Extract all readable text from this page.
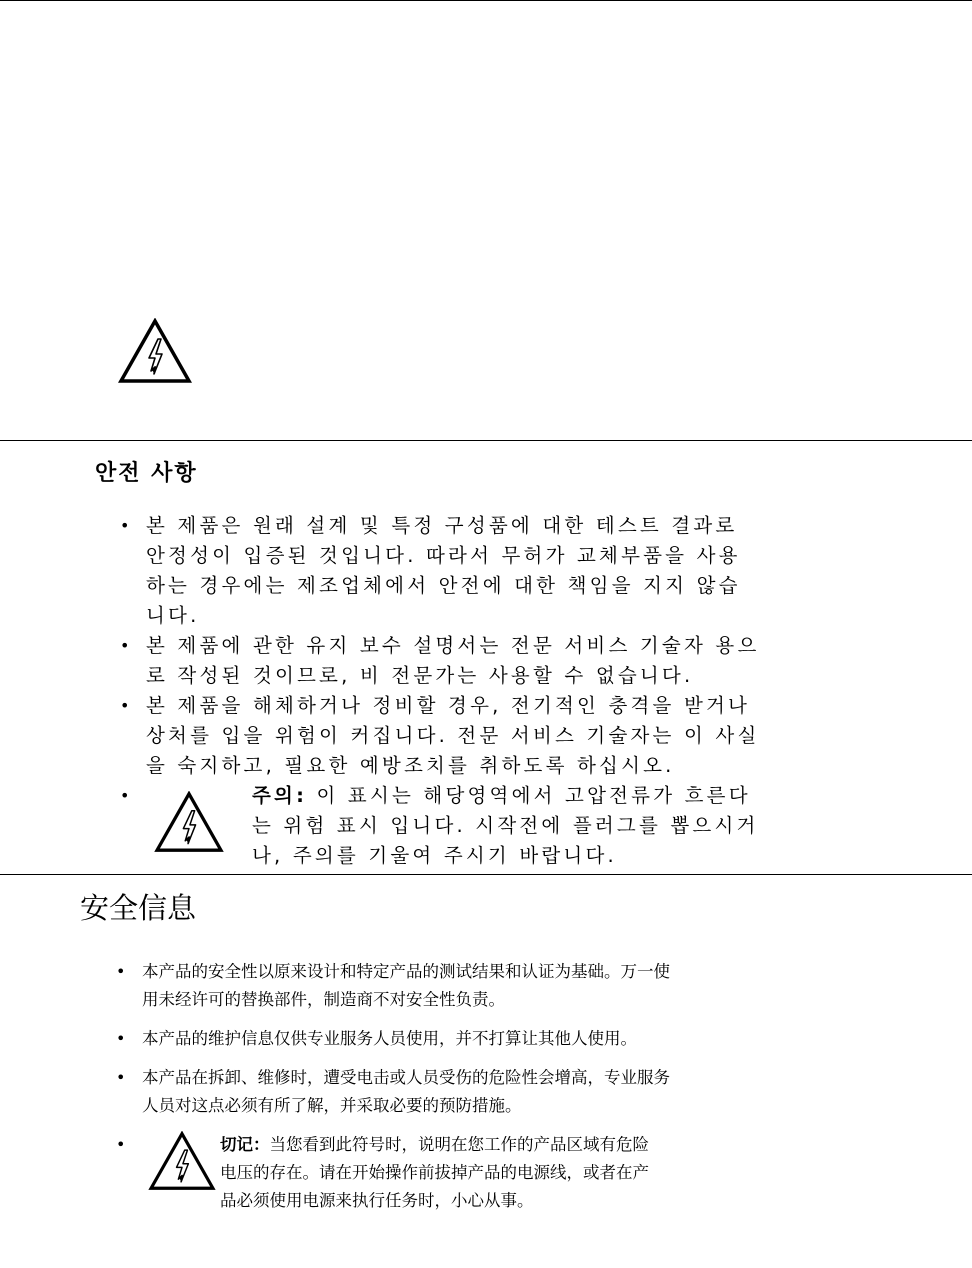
안전 사항
• 본 제품은 원래 설계 및 특정 구성품에 대한 테스트 결과로 안정성이 입증된 것입니다. 따라서 무허가 교체부품을 사용하는 경우에는 제조업체에서 안전에 대한 책임을 지지 않습니다.
• 본 제품에 관한 유지 보수 설명서는 전문 서비스 기술자 용으로 작성된 것이므로, 비 전문가는 사용할 수 없습니다.
• 본 제품을 해체하거나 정비할 경우, 전기적인 충격을 받거나 상처를 입을 위험이 커집니다. 전문 서비스 기술자는 이 사실을 숙지하고, 필요한 예방조치를 취하도록 하십시오.
•	주의: 이 표시는 해당영역에서 고압전류가 흐른다는 위험 표시 입니다. 시작전에 플러그를 뽑으시거나, 주의를 기울여 주시기 바랍니다.
安全信息
• 本产品的安全性以原来设计和特定产品的测试结果和认证为基础。万一使用未经许可的替换部件，制造商不对安全性负责。
• 本产品的维护信息仅供专业服务人员使用，并不打算让其他人使用。
• 本产品在拆卸、维修时，遭受电击或人员受伤的危险性会增高，专业服务人员对这点必须有所了解，并采取必要的预防措施。
•	切记：当您看到此符号时，说明在您工作的产品区域有危险电压的存在。请在开始操作前拔掉产品的电源线，或者在产品必须使用电源来执行任务时，小心从事。
